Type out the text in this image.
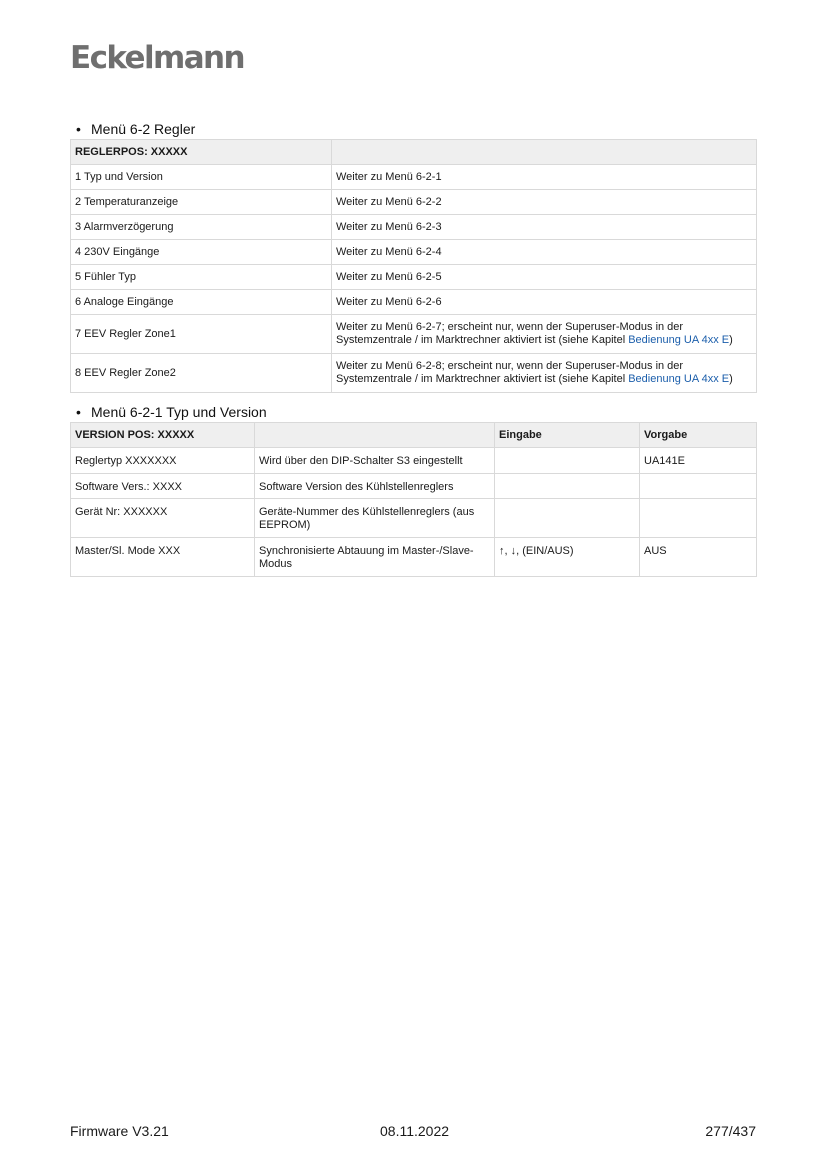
Eckelmann
• Menü 6-2 Regler
REGLERPOS: XXXXX	
1 Typ und Version	Weiter zu Menü 6-2-1
2 Temperaturanzeige	Weiter zu Menü 6-2-2
3 Alarmverzögerung	Weiter zu Menü 6-2-3
4 230V Eingänge	Weiter zu Menü 6-2-4
5 Fühler Typ	Weiter zu Menü 6-2-5
6 Analoge Eingänge	Weiter zu Menü 6-2-6
7 EEV Regler Zone1	Weiter zu Menü 6-2-7; erscheint nur, wenn der Superuser-Modus in der Systemzentrale / im Marktrechner aktiviert ist (siehe Kapitel Bedienung UA 4xx E)
8 EEV Regler Zone2	Weiter zu Menü 6-2-8; erscheint nur, wenn der Superuser-Modus in der Systemzentrale / im Marktrechner aktiviert ist (siehe Kapitel Bedienung UA 4xx E)
• Menü 6-2-1 Typ und Version
VERSION POS: XXXXX		Eingabe	Vorgabe
Reglertyp XXXXXXX	Wird über den DIP-Schalter S3 eingestellt		UA141E
Software Vers.: XXXX	Software Version des Kühlstellenreglers		
Gerät Nr: XXXXXX	Geräte-Nummer des Kühlstellenreglers (aus EEPROM)		
Master/Sl. Mode XXX	Synchronisierte Abtauung im Master-/Slave-Modus	↑, ↓, (EIN/AUS)	AUS
Firmware V3.21	08.11.2022	277/437
